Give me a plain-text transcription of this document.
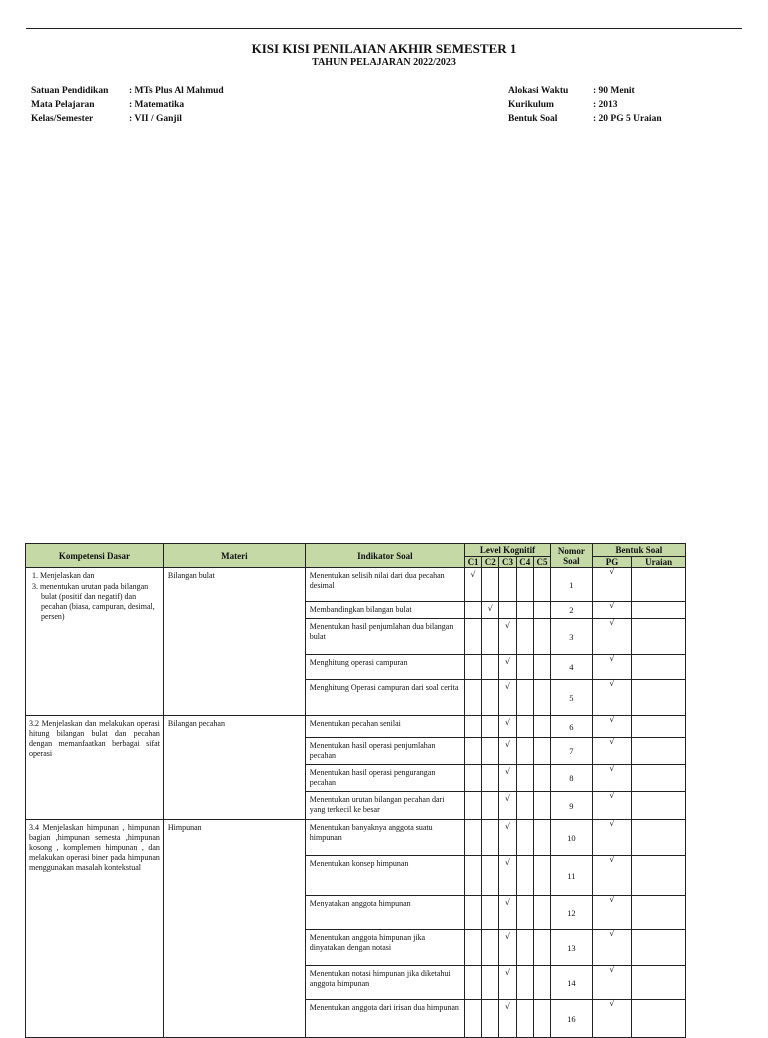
KISI KISI PENILAIAN AKHIR SEMESTER 1
TAHUN PELAJARAN 2022/2023
Satuan Pendidikan	: MTs Plus Al Mahmud
Mata Pelajaran	: Matematika
Kelas/Semester	: VII / Ganjil
Alokasi Waktu	: 90 Menit
Kurikulum	: 2013
Bentuk Soal	: 20 PG 5 Uraian
Kompetensi Dasar	Materi	Indikator Soal	Level Kognitif					Nomor Soal	Bentuk Soal	
			C1	C2	C3	C4	C5		PG	Uraian

1. Menjelaskan dan
3. menentukan urutan pada bilangan bulat (positif dan negatif) dan pecahan (biasa, campuran, desimal, persen)	Bilangan bulat	Menentukan selisih nilai dari dua pecahan desimal	√					1	√	

		Membandingkan bilangan bulat		√				2	√	

		Menentukan hasil penjumlahan dua bilangan bulat			√			3	√	

		Menghitung operasi campuran			√			4	√	

		Menghitung Operasi campuran dari soal cerita			√			5	√	

3.2 Menjelaskan dan melakukan operasi hitung bilangan bulat dan pecahan dengan memanfaatkan berbagai sifat operasi	Bilangan pecahan	Menentukan pecahan senilai			√			6	√	

		Menentukan hasil operasi penjumlahan pecahan			√			7	√	

		Menentukan hasil operasi pengurangan pecahan			√			8	√	

		Menentukan urutan bilangan pecahan dari yang terkecil ke besar			√			9	√	

3.4 Menjelaskan himpunan , himpunan bagian ,himpunan semesta ,himpunan kosong , komplemen himpunan , dan melakukan operasi biner pada himpunan menggunakan masalah kontekstual	Himpunan	Menentukan banyaknya anggota suatu himpunan			√			10	√	

		Menentukan konsep himpunan			√			11	√	

		Menyatakan anggota himpunan			√			12	√	

		Menentukan anggota himpunan jika dinyatakan dengan notasi			√			13	√	

		Menentukan notasi himpunan jika diketahui anggota himpunan			√			14	√	

		Menentukan anggota dari irisan dua himpunan			√			16	√	
